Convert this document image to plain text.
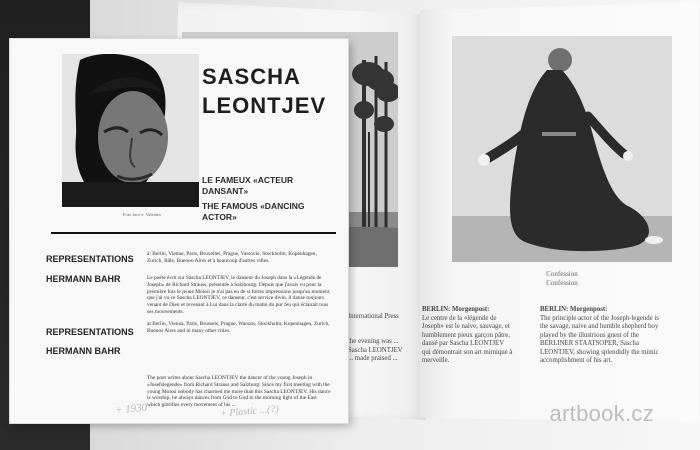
Confession
Confession
International Press
the evening was ... Sascha LEONTJEV ... made praised ...
BERLIN: Morgenpost:
Le centre de la «légende de Joseph» est le naïve, sauvage, et humblement pieux garçon pâtre, dansé par Sascha LEONTJEV qui démontrait son art mimique à merveille.
BERLIN: Morgenpost:
The principle actor of the Joseph-legende is the savage, naive and humble shepherd boy played by the illustrious guest of the BERLINER STAATSOPER, Sascha LEONTJEV, showing splendidly the mimic accomplishment of his art.
Foto Jaco e. Valentin
SASCHA
LEONTJEV
LE FAMEUX «ACTEUR DANSANT»
THE FAMOUS «DANCING ACTOR»
REPRESENTATIONS
HERMANN BAHR
REPRESENTATIONS
HERMANN BAHR
à: Berlin, Vienne, Paris, Bruxelles, Prague, Varsovie, Stockholm, Kopenhagen, Zurich, Bâle, Buenos-Aires et à beaucoup d'autres villes.
at Berlin, Vienna, Paris, Brussels, Prague, Warsaw, Stockholm, Kopenhagen, Zurich, Buenos Aires and in many other cities.
The poet writes about Sascha LEONTJEV the dancer of the young Joseph in «Josefslegende» from Richard Strauss and Salzburg: Since my first meeting with the young Moissi nobody has charmed me more than this Sascha LEONTJEV. His dance is worship, he always dances from God to God in the morning light of the East which glorifies every movement of his ...
Le poète écrit sur Sascha LEONTJEV, le danseur du Joseph dans la «Légende de Joseph» de Richard Strauss, présentée à Salzbourg: Depuis que j'avais vu pour la première fois le jeune Moïssi je n'ai pas eu de si fortes impressions jusqu'au moment que j'ai vu ce Sascha LEONTJEV, ce danseur, c'est service divin, il danse toujours venant de Dieu et revenant à Lui dans la clarté du matin du pur feu qui éclairait tous ses mouvements.
+ 1930	+ Plastic ...(?)	artbook.cz
